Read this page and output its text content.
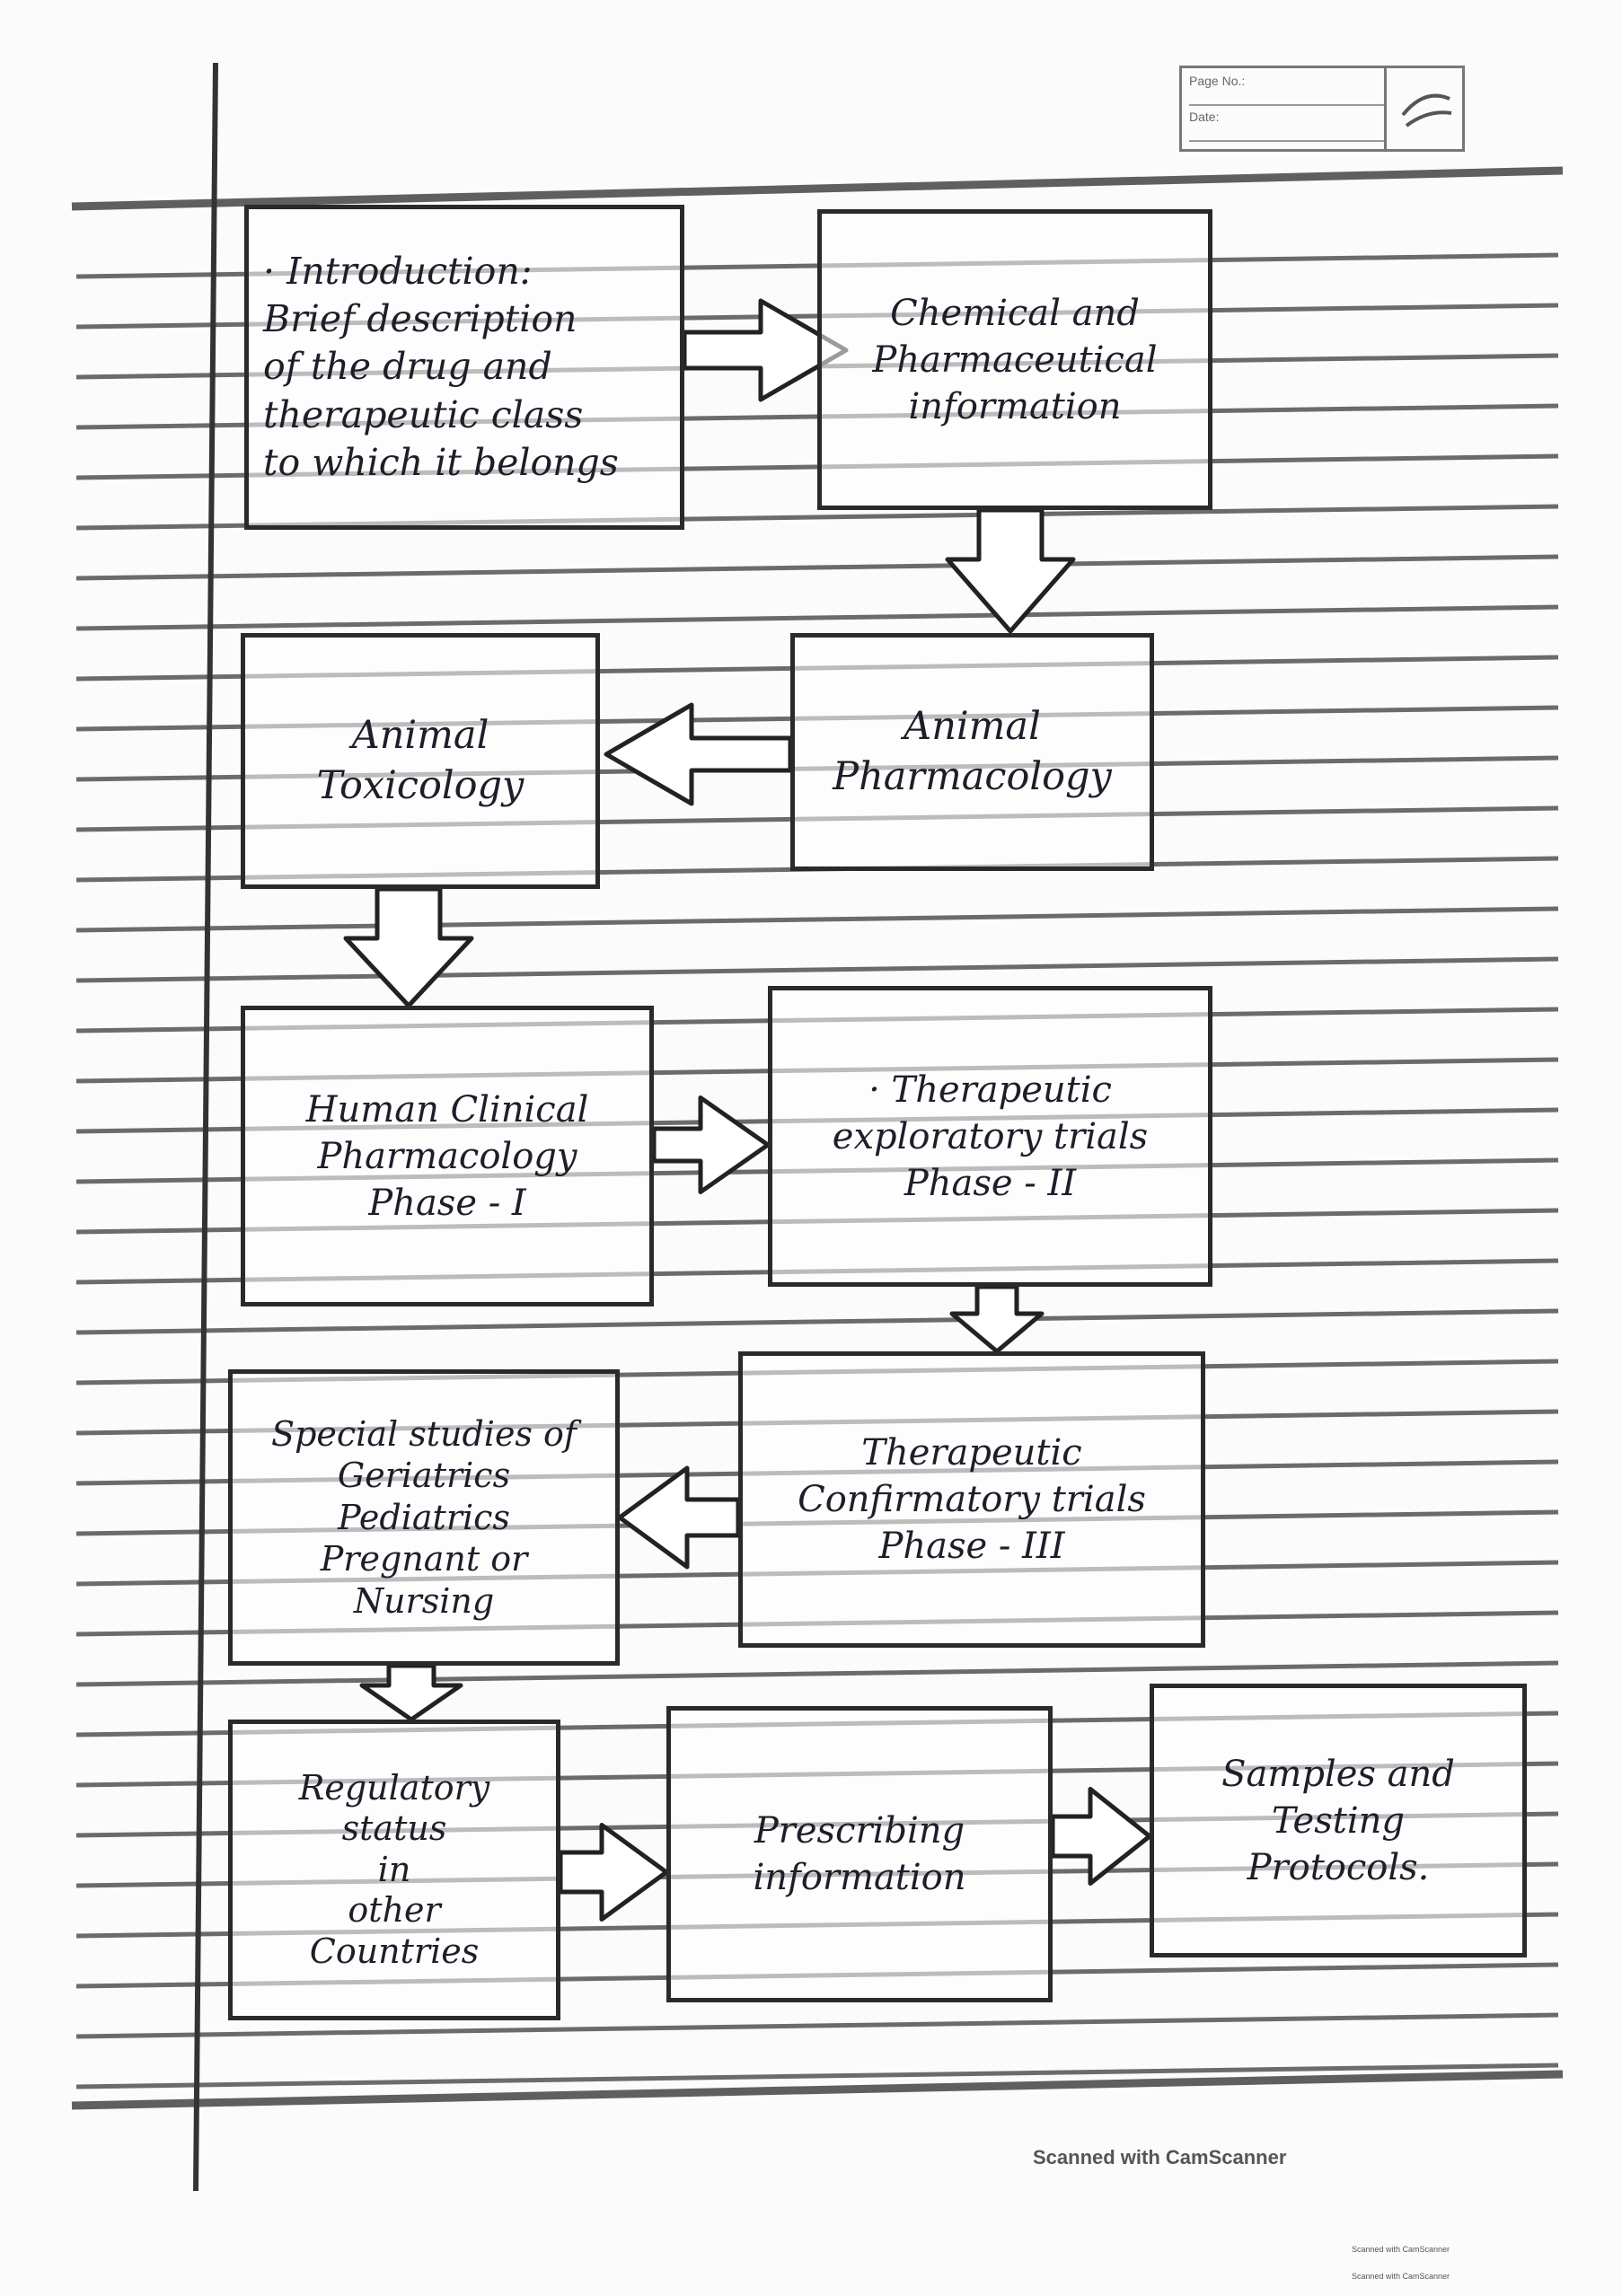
Page No.:
Date:
· Introduction:
Brief description
of the drug and
therapeutic class
to which it belongs
Chemical and
Pharmaceutical
information
Animal
Pharmacology
Animal
Toxicology
Human Clinical
Pharmacology
Phase - I
· Therapeutic
exploratory trials
Phase - II
Therapeutic
Confirmatory trials
Phase - III
Special studies of
Geriatrics
Pediatrics
Pregnant or
Nursing
Regulatory
status
in
other
Countries
Prescribing
information
Samples and
Testing
Protocols.
Scanned with CamScanner
Scanned with CamScanner
Scanned with CamScanner
